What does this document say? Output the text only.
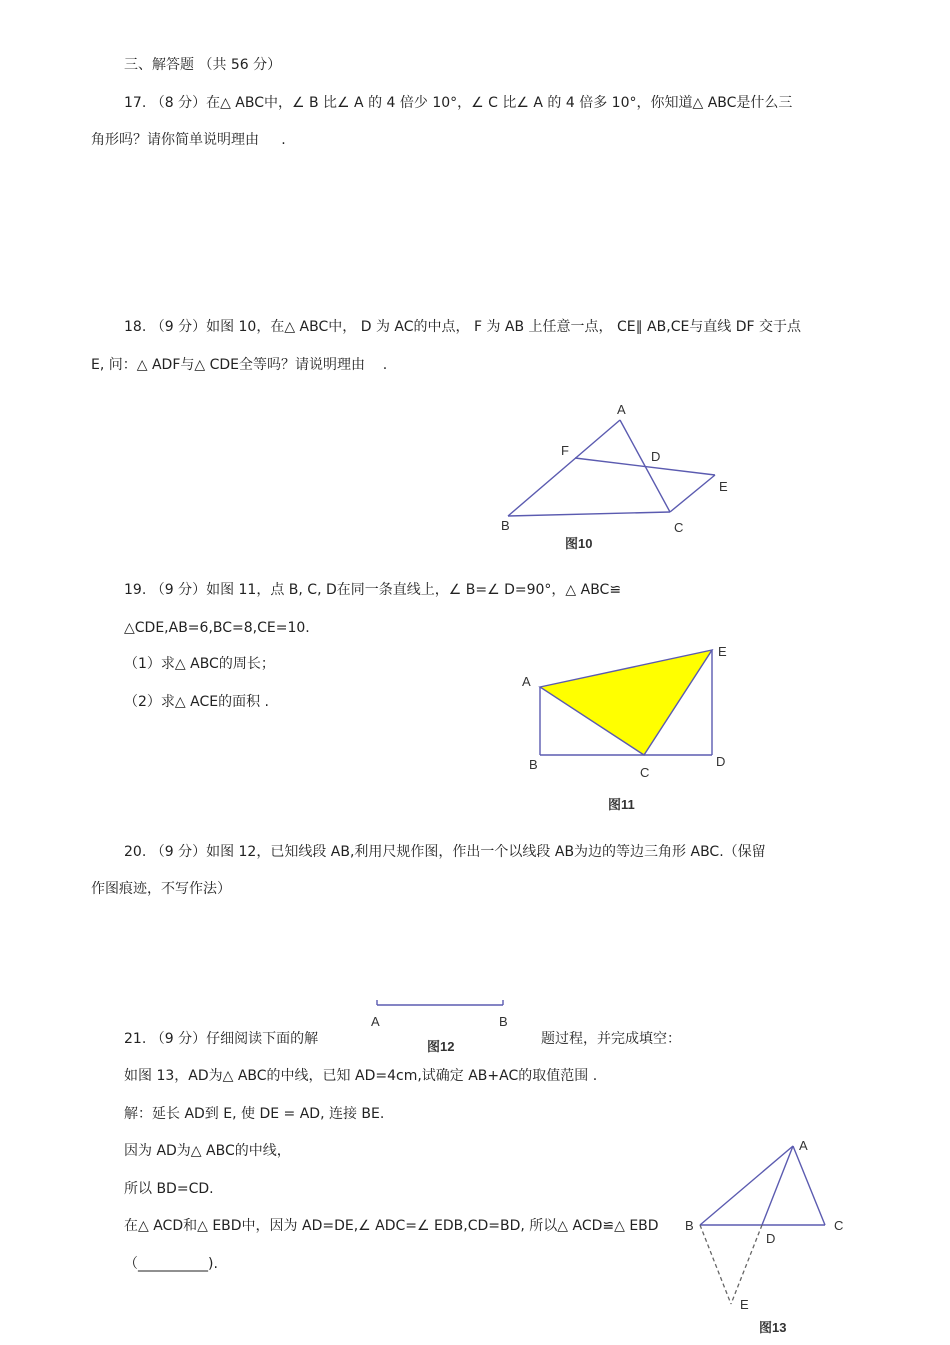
三、解答题 （共 56 分）
17. （8 分）在△ ABC中，∠ B 比∠ A 的 4 倍少 10°，∠ C 比∠ A 的 4 倍多 10°，你知道△ ABC是什么三
角形吗？请你简单说明理由     .
18. （9 分）如图 10，在△ ABC中， D 为 AC的中点， F 为 AB 上任意一点， CE∥ AB,CE与直线 DF 交于点
E, 问：△ ADF与△ CDE全等吗？请说明理由    .
A
F	D
E
B	C
图10
19. （9 分）如图 11，点 B, C, D在同一条直线上，∠ B=∠ D=90°，△ ABC≌
△CDE,AB=6,BC=8,CE=10.
（1）求△ ABC的周长；
（2）求△ ACE的面积 .
A
E
B
C
D
图11
20. （9 分）如图 12，已知线段 AB,利用尺规作图，作出一个以线段 AB为边的等边三角形 ABC.（保留
作图痕迹，不写作法）
A	B
图12
21. （9 分）仔细阅读下面的解	题过程，并完成填空：
如图 13，AD为△ ABC的中线，已知 AD=4cm,试确定 AB+AC的取值范围 .
解：延长 AD到 E, 使 DE = AD, 连接 BE.
因为 AD为△ ABC的中线，
所以 BD=CD.
在△ ACD和△ EBD中，因为 AD=DE,∠ ADC=∠ EDB,CD=BD, 所以△ ACD≌△ EBD
（__________).
A
B	C
D
E
图13
